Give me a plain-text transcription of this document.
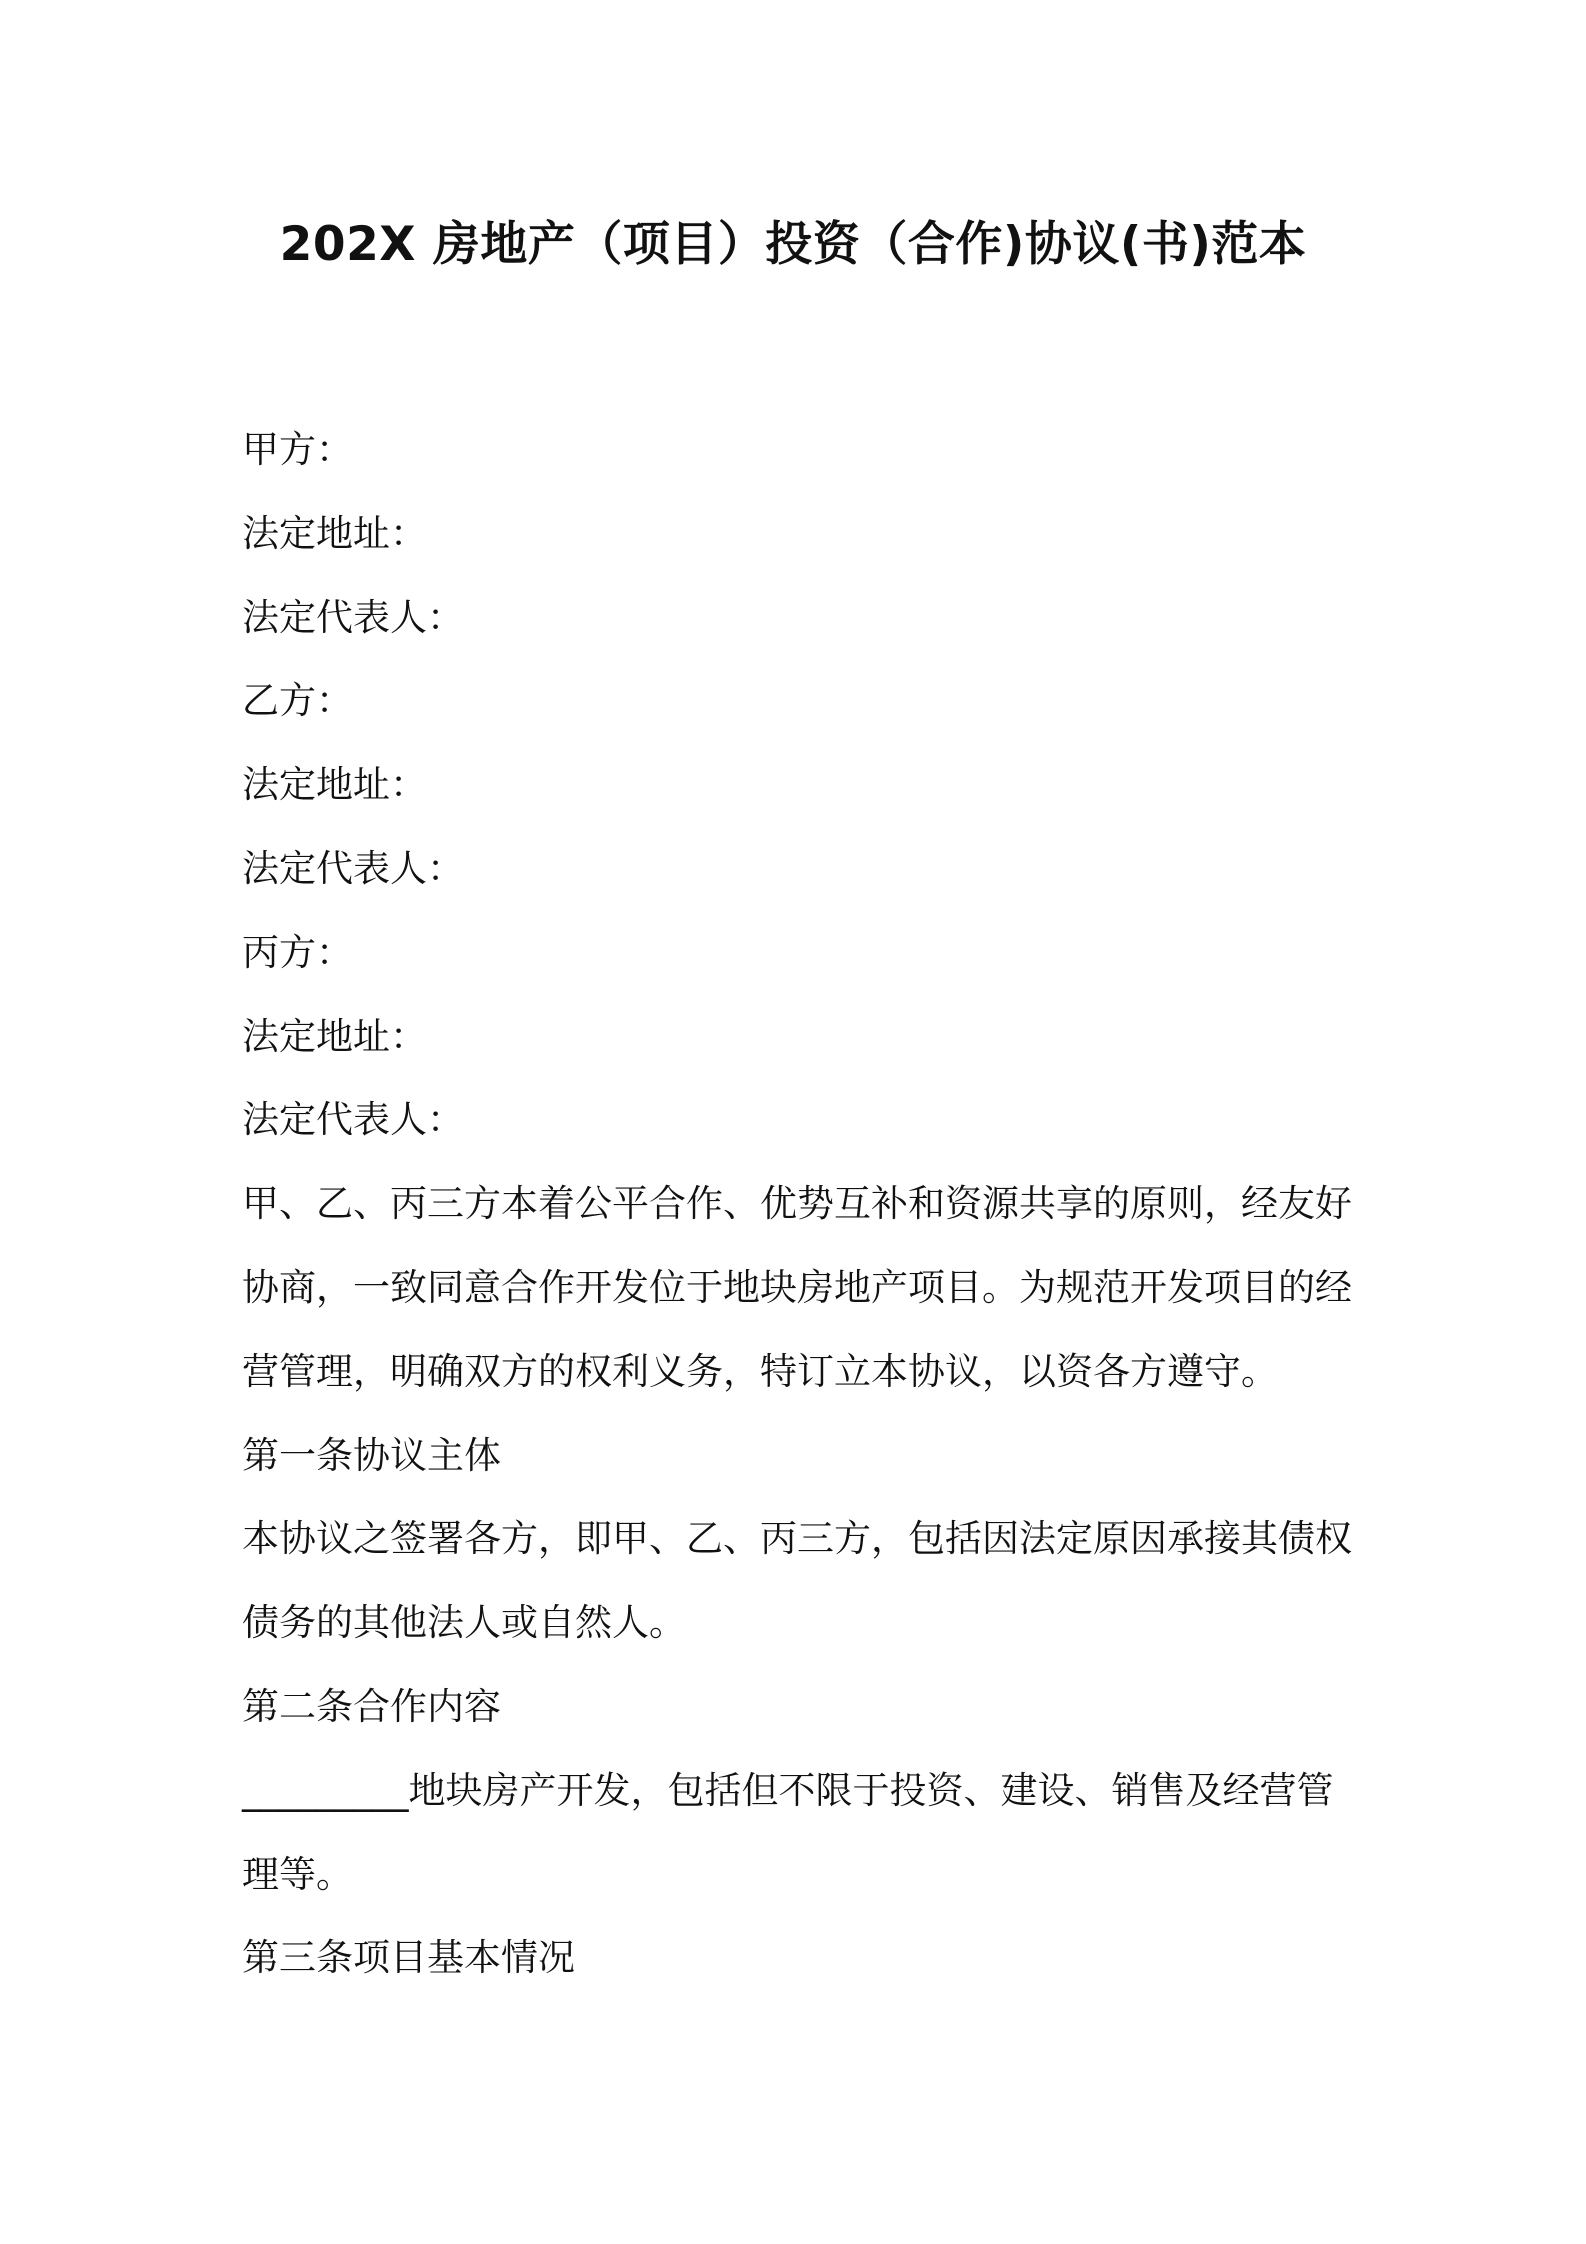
202X 房地产（项目）投资（合作)协议(书)范本
甲方：
法定地址：
法定代表人：
乙方：
法定地址：
法定代表人：
丙方：
法定地址：
法定代表人：
甲、乙、丙三方本着公平合作、优势互补和资源共享的原则，经友好
协商，一致同意合作开发位于地块房地产项目。为规范开发项目的经
营管理，明确双方的权利义务，特订立本协议，以资各方遵守。
第一条协议主体
本协议之签署各方，即甲、乙、丙三方，包括因法定原因承接其债权
债务的其他法人或自然人。
第二条合作内容
_________地块房产开发，包括但不限于投资、建设、销售及经营管
理等。
第三条项目基本情况
